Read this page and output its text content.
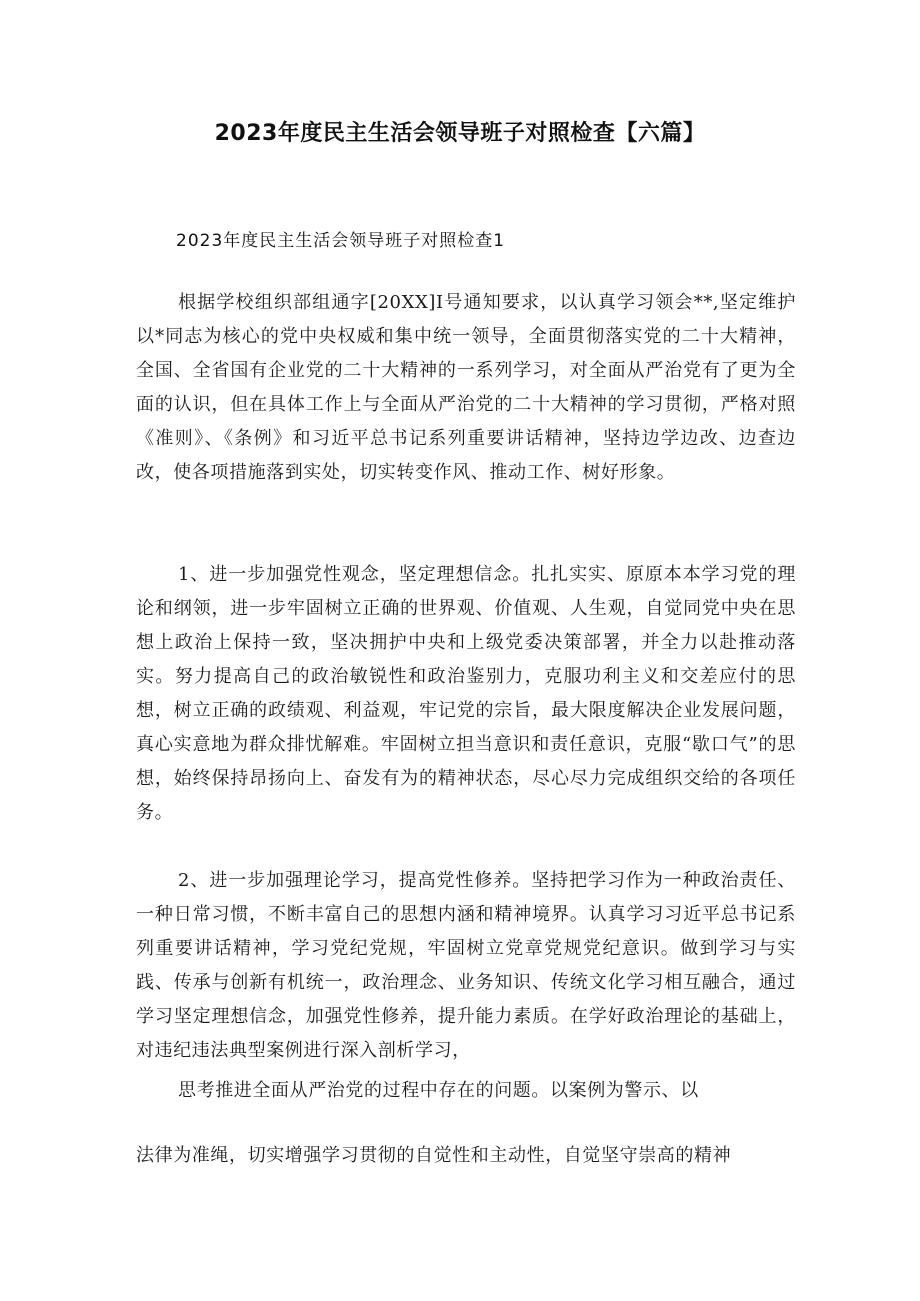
2023年度民主生活会领导班子对照检查【六篇】
2023年度民主生活会领导班子对照检查1
根据学校组织部组通字[20XX]I号通知要求，以认真学习领会**,坚定维护以*同志为核心的党中央权威和集中统一领导，全面贯彻落实党的二十大精神，全国、全省国有企业党的二十大精神的一系列学习，对全面从严治党有了更为全面的认识，但在具体工作上与全面从严治党的二十大精神的学习贯彻，严格对照《准则》、《条例》和习近平总书记系列重要讲话精神，坚持边学边改、边查边改，使各项措施落到实处，切实转变作风、推动工作、树好形象。
1、进一步加强党性观念，坚定理想信念。扎扎实实、原原本本学习党的理论和纲领，进一步牢固树立正确的世界观、价值观、人生观，自觉同党中央在思想上政治上保持一致，坚决拥护中央和上级党委决策部署，并全力以赴推动落实。努力提高自己的政治敏锐性和政治鉴别力，克服功利主义和交差应付的思想，树立正确的政绩观、利益观，牢记党的宗旨，最大限度解决企业发展问题，真心实意地为群众排忧解难。牢固树立担当意识和责任意识，克服“歇口气”的思想，始终保持昂扬向上、奋发有为的精神状态，尽心尽力完成组织交给的各项任务。
2、进一步加强理论学习，提高党性修养。坚持把学习作为一种政治责任、一种日常习惯，不断丰富自己的思想内涵和精神境界。认真学习习近平总书记系列重要讲话精神，学习党纪党规，牢固树立党章党规党纪意识。做到学习与实践、传承与创新有机统一，政治理念、业务知识、传统文化学习相互融合，通过学习坚定理想信念，加强党性修养，提升能力素质。在学好政治理论的基础上，对违纪违法典型案例进行深入剖析学习，
思考推进全面从严治党的过程中存在的问题。以案例为警示、以
法律为准绳，切实增强学习贯彻的自觉性和主动性，自觉坚守崇高的精神
